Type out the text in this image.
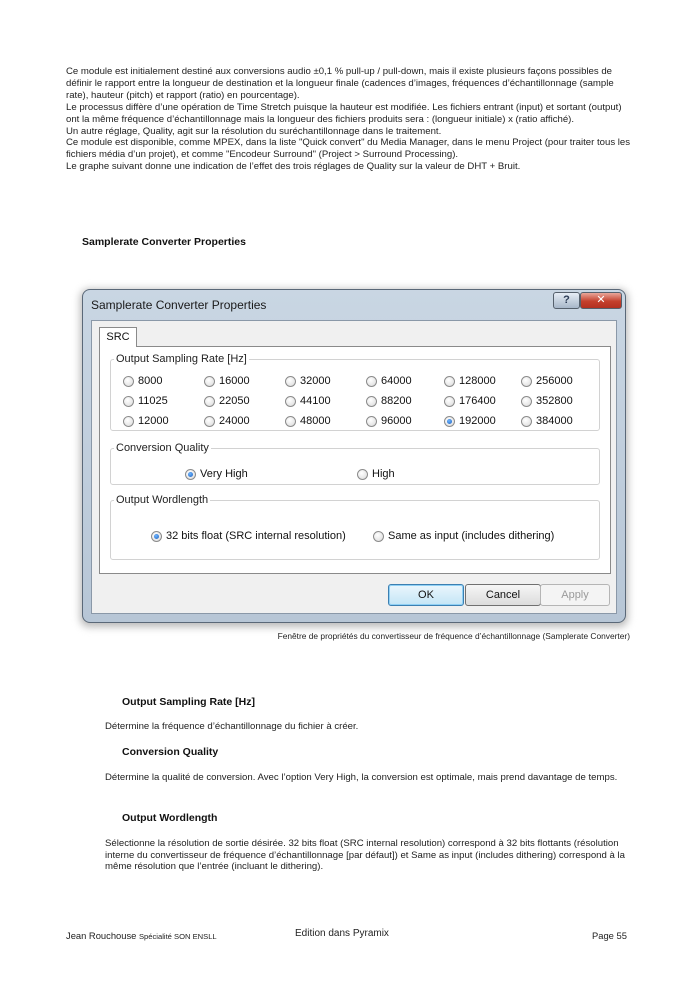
Ce module est initialement destiné aux conversions audio ±0,1 % pull-up / pull-down, mais il existe plusieurs façons possibles de définir le rapport entre la longueur de destination et la longueur finale (cadences d’images, fréquences d’échantillonnage (sample rate), hauteur (pitch) et rapport (ratio) en pourcentage).

Le processus diffère d’une opération de Time Stretch puisque la hauteur est modifiée. Les fichiers entrant (input) et sortant (output) ont la même fréquence d’échantillonnage mais la longueur des fichiers produits sera : (longueur initiale) x (ratio affiché).

Un autre réglage, Quality, agit sur la résolution du suréchantillonnage dans le traitement.

Ce module est disponible, comme MPEX, dans la liste "Quick convert" du Media Manager, dans le menu Project (pour traiter tous les fichiers média d’un projet), et comme "Encodeur Surround" (Project > Surround Processing).

Le graphe suivant donne une indication de l’effet des trois réglages de Quality sur la valeur de DHT + Bruit.

Samplerate Converter Properties
Samplerate Converter Properties	?	✕
Output Sampling Rate [Hz]
8000	16000	32000	64000	128000	256000
11025	22050	44100	88200	176400	352800
12000	24000	48000	96000	192000	384000
Conversion Quality
Very High	High
Output Wordlength
32 bits float (SRC internal resolution)	Same as input (includes dithering)
SRC
OK	Cancel	Apply
Fenêtre de propriétés du convertisseur de fréquence d’échantillonnage (Samplerate Converter)
Output Sampling Rate [Hz]

Détermine la fréquence d’échantillonnage du fichier à créer.

Conversion Quality

Détermine la qualité de conversion. Avec l’option Very High, la conversion est optimale, mais prend davantage de temps.

Output Wordlength

Sélectionne la résolution de sortie désirée. 32 bits float (SRC internal resolution) correspond à 32 bits flottants (résolution interne du convertisseur de fréquence d’échantillonnage [par défaut]) et Same as input (includes dithering) correspond à la même résolution que l’entrée (incluant le dithering).

Jean Rouchouse Spécialité SON ENSLL	Edition dans Pyramix	Page 55
